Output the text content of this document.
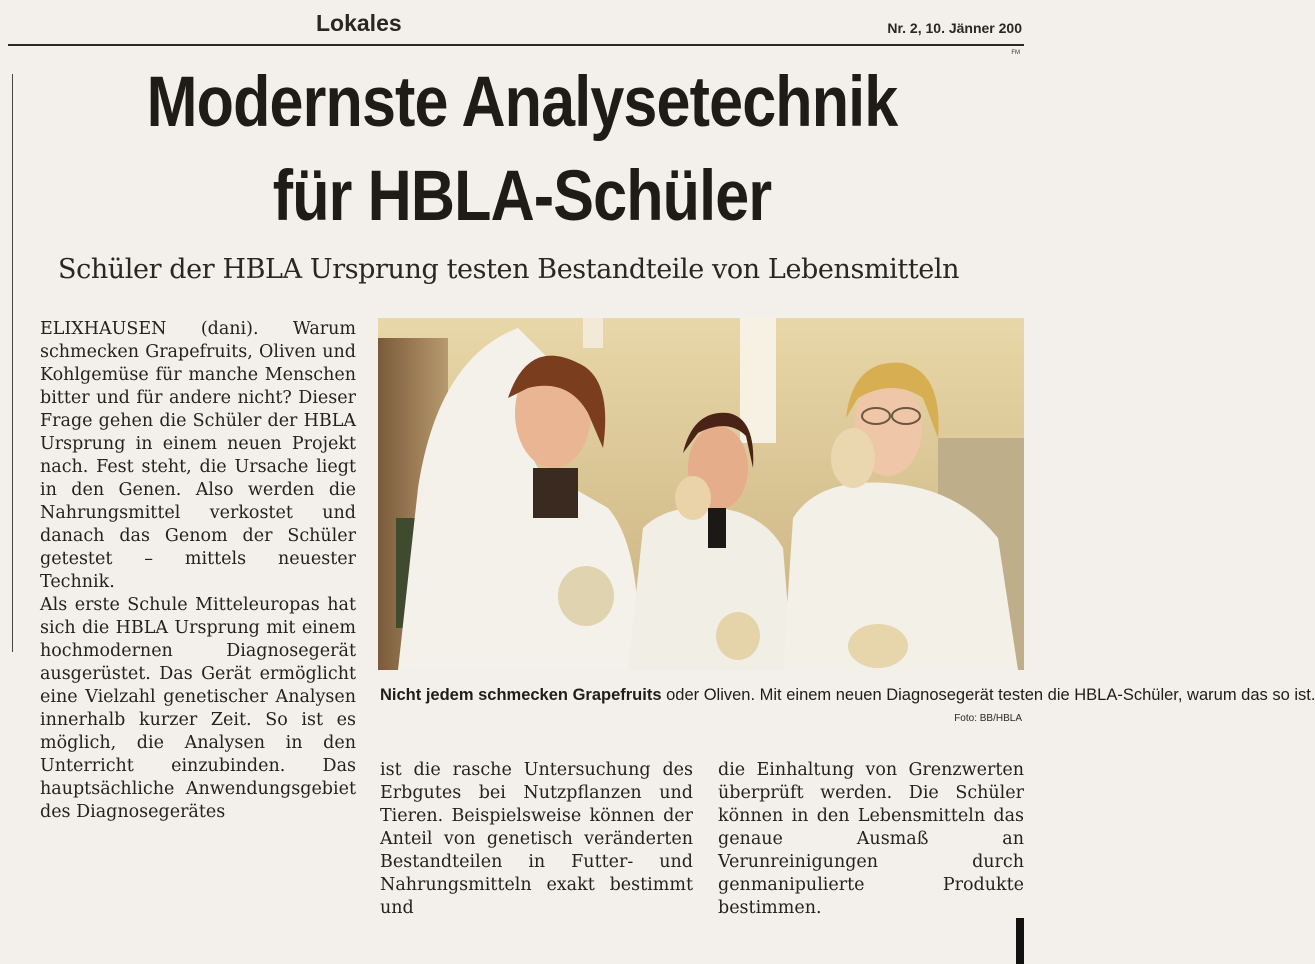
Lokales	Nr. 2, 10. Jänner 200
FM
Modernste Analysetechnik
für HBLA-Schüler
Schüler der HBLA Ursprung testen Bestandteile von Lebensmitteln

ELIXHAUSEN (dani). Warum schmecken Grapefruits, Oliven und Kohlgemüse für manche Menschen bitter und für andere nicht? Dieser Frage gehen die Schüler der HBLA Ursprung in einem neuen Projekt nach. Fest steht, die Ursache liegt in den Genen. Also werden die Nahrungsmittel verkostet und danach das Genom der Schüler getestet – mittels neuester Technik.

Als erste Schule Mitteleuropas hat sich die HBLA Ursprung mit einem hochmodernen Diagnosegerät ausgerüstet. Das Gerät ermöglicht eine Vielzahl genetischer Analysen innerhalb kurzer Zeit. So ist es möglich, die Analysen in den Unterricht einzubinden. Das hauptsächliche Anwendungsgebiet des Diagnosegerätes

Nicht jedem schmecken Grapefruits oder Oliven. Mit einem neuen Diagnosegerät testen die HBLA-Schüler, warum das so ist.
Foto: BB/HBLA

ist die rasche Untersuchung des Erbgutes bei Nutzpflanzen und Tieren. Beispielsweise können der Anteil von genetisch veränderten Bestandteilen in Futter- und Nahrungsmitteln exakt bestimmt und

die Einhaltung von Grenzwerten überprüft werden. Die Schüler können in den Lebensmitteln das genaue Ausmaß an Verunreinigungen durch genmanipulierte Produkte bestimmen.
